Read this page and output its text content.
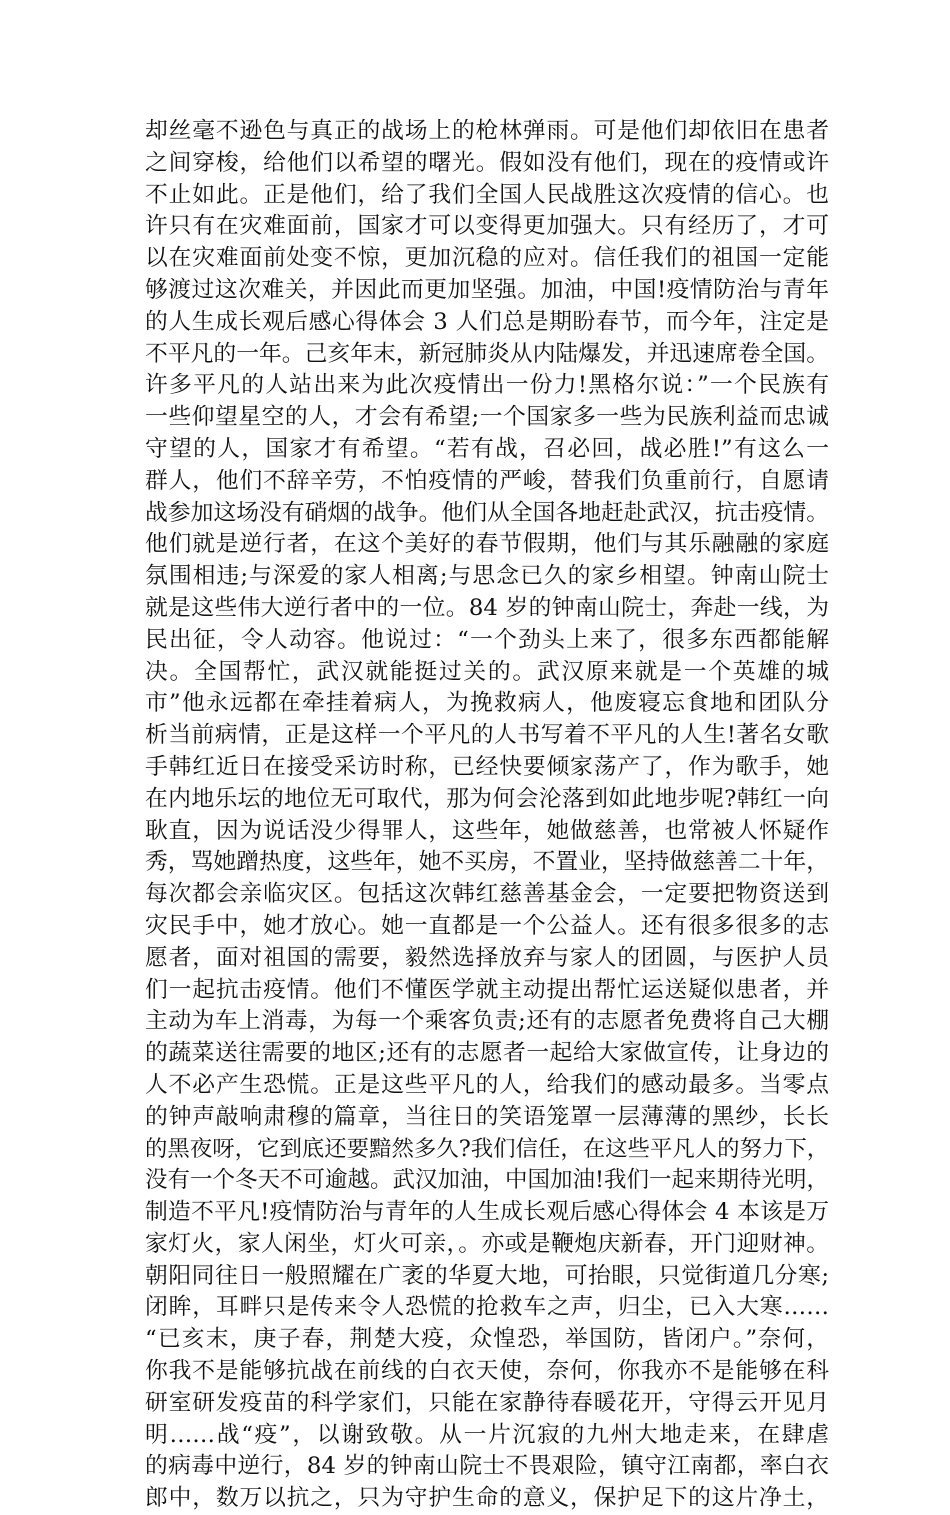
却丝毫不逊色与真正的战场上的枪林弹雨。可是他们却依旧在患者
之间穿梭，给他们以希望的曙光。假如没有他们，现在的疫情或许
不止如此。正是他们，给了我们全国人民战胜这次疫情的信心。也
许只有在灾难面前，国家才可以变得更加强大。只有经历了，才可
以在灾难面前处变不惊，更加沉稳的应对。信任我们的祖国一定能
够渡过这次难关，并因此而更加坚强。加油，中国!疫情防治与青年
的人生成长观后感心得体会 3 人们总是期盼春节，而今年，注定是
不平凡的一年。己亥年末，新冠肺炎从内陆爆发，并迅速席卷全国。
许多平凡的人站出来为此次疫情出一份力!黑格尔说：”一个民族有
一些仰望星空的人，才会有希望;一个国家多一些为民族利益而忠诚
守望的人，国家才有希望。“若有战，召必回，战必胜!”有这么一
群人，他们不辞辛劳，不怕疫情的严峻，替我们负重前行，自愿请
战参加这场没有硝烟的战争。他们从全国各地赶赴武汉，抗击疫情。
他们就是逆行者，在这个美好的春节假期，他们与其乐融融的家庭
氛围相违;与深爱的家人相离;与思念已久的家乡相望。钟南山院士
就是这些伟大逆行者中的一位。84 岁的钟南山院士，奔赴一线，为
民出征，令人动容。他说过：“一个劲头上来了，很多东西都能解
决。全国帮忙，武汉就能挺过关的。武汉原来就是一个英雄的城
市”他永远都在牵挂着病人，为挽救病人，他废寝忘食地和团队分
析当前病情，正是这样一个平凡的人书写着不平凡的人生!著名女歌
手韩红近日在接受采访时称，已经快要倾家荡产了，作为歌手，她
在内地乐坛的地位无可取代，那为何会沦落到如此地步呢?韩红一向
耿直，因为说话没少得罪人，这些年，她做慈善，也常被人怀疑作
秀，骂她蹭热度，这些年，她不买房，不置业，坚持做慈善二十年，
每次都会亲临灾区。包括这次韩红慈善基金会，一定要把物资送到
灾民手中，她才放心。她一直都是一个公益人。还有很多很多的志
愿者，面对祖国的需要，毅然选择放弃与家人的团圆，与医护人员
们一起抗击疫情。他们不懂医学就主动提出帮忙运送疑似患者，并
主动为车上消毒，为每一个乘客负责;还有的志愿者免费将自己大棚
的蔬菜送往需要的地区;还有的志愿者一起给大家做宣传，让身边的
人不必产生恐慌。正是这些平凡的人，给我们的感动最多。当零点
的钟声敲响肃穆的篇章，当往日的笑语笼罩一层薄薄的黑纱，长长
的黑夜呀，它到底还要黯然多久?我们信任，在这些平凡人的努力下，
没有一个冬天不可逾越。武汉加油，中国加油!我们一起来期待光明，
制造不平凡!疫情防治与青年的人生成长观后感心得体会 4 本该是万
家灯火，家人闲坐，灯火可亲，。亦或是鞭炮庆新春，开门迎财神。
朝阳同往日一般照耀在广袤的华夏大地，可抬眼，只觉街道几分寒;
闭眸，耳畔只是传来令人恐慌的抢救车之声，归尘，已入大寒……
“已亥末，庚子春，荆楚大疫，众惶恐，举国防，皆闭户。”奈何，
你我不是能够抗战在前线的白衣天使，奈何，你我亦不是能够在科
研室研发疫苗的科学家们，只能在家静待春暖花开，守得云开见月
明……战“疫”，以谢致敬。从一片沉寂的九州大地走来，在肆虐
的病毒中逆行，84 岁的钟南山院士不畏艰险，镇守江南都，率白衣
郎中，数万以抗之，只为守护生命的意义，保护足下的这片净土，
